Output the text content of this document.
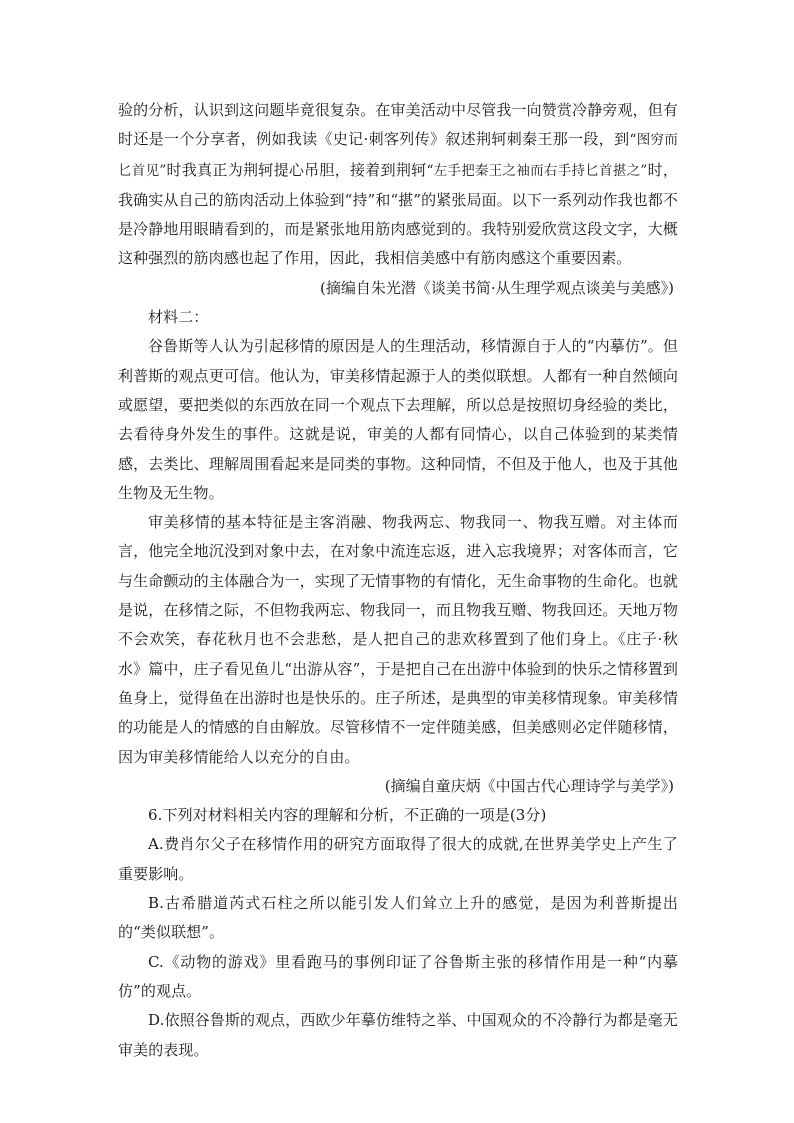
验的分析，认识到这问题毕竟很复杂。在审美活动中尽管我一向赞赏冷静旁观，但有时还是一个分享者，例如我读《史记·刺客列传》叙述荆轲刺秦王那一段，到“图穷而匕首见”时我真正为荆轲提心吊胆，接着到荆轲“左手把秦王之袖而右手持匕首揕之”时，我确实从自己的筋肉活动上体验到“持”和“揕”的紧张局面。以下一系列动作我也都不是冷静地用眼睛看到的，而是紧张地用筋肉感觉到的。我特别爱欣赏这段文字，大概这种强烈的筋肉感也起了作用，因此，我相信美感中有筋肉感这个重要因素。

(摘编自朱光潜《谈美书简·从生理学观点谈美与美感》)

材料二：

谷鲁斯等人认为引起移情的原因是人的生理活动，移情源自于人的“内摹仿”。但利普斯的观点更可信。他认为，审美移情起源于人的类似联想。人都有一种自然倾向或愿望，要把类似的东西放在同一个观点下去理解，所以总是按照切身经验的类比，去看待身外发生的事件。这就是说，审美的人都有同情心，以自己体验到的某类情感，去类比、理解周围看起来是同类的事物。这种同情，不但及于他人，也及于其他生物及无生物。

审美移情的基本特征是主客消融、物我两忘、物我同一、物我互赠。对主体而言，他完全地沉没到对象中去，在对象中流连忘返，进入忘我境界；对客体而言，它与生命颤动的主体融合为一，实现了无情事物的有情化，无生命事物的生命化。也就是说，在移情之际，不但物我两忘、物我同一，而且物我互赠、物我回还。天地万物不会欢笑，春花秋月也不会悲愁，是人把自己的悲欢移置到了他们身上。《庄子·秋水》篇中，庄子看见鱼儿“出游从容”，于是把自己在出游中体验到的快乐之情移置到鱼身上，觉得鱼在出游时也是快乐的。庄子所述，是典型的审美移情现象。审美移情的功能是人的情感的自由解放。尽管移情不一定伴随美感，但美感则必定伴随移情，因为审美移情能给人以充分的自由。

(摘编自童庆炳《中国古代心理诗学与美学》)

6.下列对材料相关内容的理解和分析，不正确的一项是(3分)

A.费肖尔父子在移情作用的研究方面取得了很大的成就,在世界美学史上产生了重要影响。

B.古希腊道芮式石柱之所以能引发人们耸立上升的感觉，是因为利普斯提出的“类似联想”。

C.《动物的游戏》里看跑马的事例印证了谷鲁斯主张的移情作用是一种“内摹仿”的观点。

D.依照谷鲁斯的观点，西欧少年摹仿维特之举、中国观众的不冷静行为都是毫无审美的表现。
